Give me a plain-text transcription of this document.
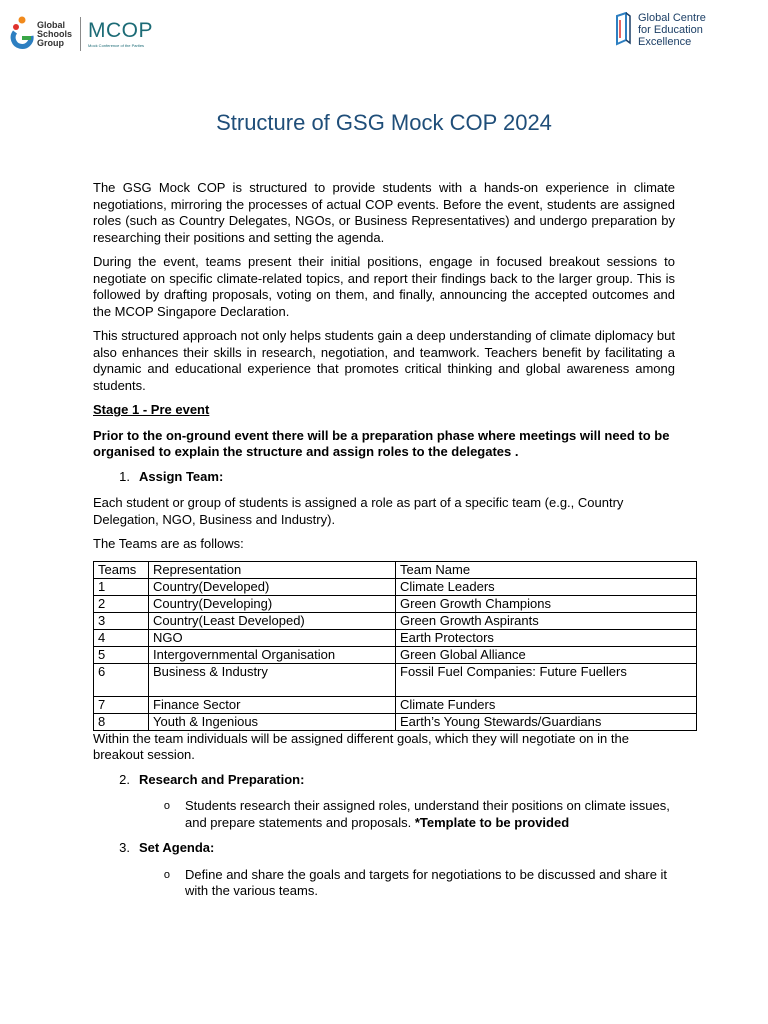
Global
Schools
Group
MCOP
Mock Conference of the Parties
Global Centre
for Education
Excellence
Structure of GSG Mock COP 2024

The GSG Mock COP is structured to provide students with a hands-on experience in climate negotiations, mirroring the processes of actual COP events. Before the event, students are assigned roles (such as Country Delegates, NGOs, or Business Representatives) and undergo preparation by researching their positions and setting the agenda.

During the event, teams present their initial positions, engage in focused breakout sessions to negotiate on specific climate-related topics, and report their findings back to the larger group. This is followed by drafting proposals, voting on them, and finally, announcing the accepted outcomes and the MCOP Singapore Declaration.

This structured approach not only helps students gain a deep understanding of climate diplomacy but also enhances their skills in research, negotiation, and teamwork. Teachers benefit by facilitating a dynamic and educational experience that promotes critical thinking and global awareness among students.

Stage 1 - Pre event

Prior to the on-ground event there will be a preparation phase where meetings will need to be organised to explain the structure and assign roles to the delegates .

1. Assign Team:

Each student or group of students is assigned a role as part of a specific team (e.g., Country Delegation, NGO, Business and Industry).

The Teams are as follows:

Teams	Representation	Team Name
1	Country(Developed)	Climate Leaders
2	Country(Developing)	Green Growth Champions
3	Country(Least Developed)	Green Growth Aspirants
4	NGO	Earth Protectors
5	Intergovernmental Organisation	Green Global Alliance
6	Business & Industry	Fossil Fuel Companies: Future Fuellers
7	Finance Sector	Climate Funders
8	Youth & Ingenious	Earth’s Young Stewards/Guardians

Within the team individuals will be assigned different goals, which they will negotiate on in the breakout session.

2. Research and Preparation:
o	Students research their assigned roles, understand their positions on climate issues, and prepare statements and proposals. *Template to be provided
3. Set Agenda:
o	Define and share the goals and targets for negotiations to be discussed and share it with the various teams.
